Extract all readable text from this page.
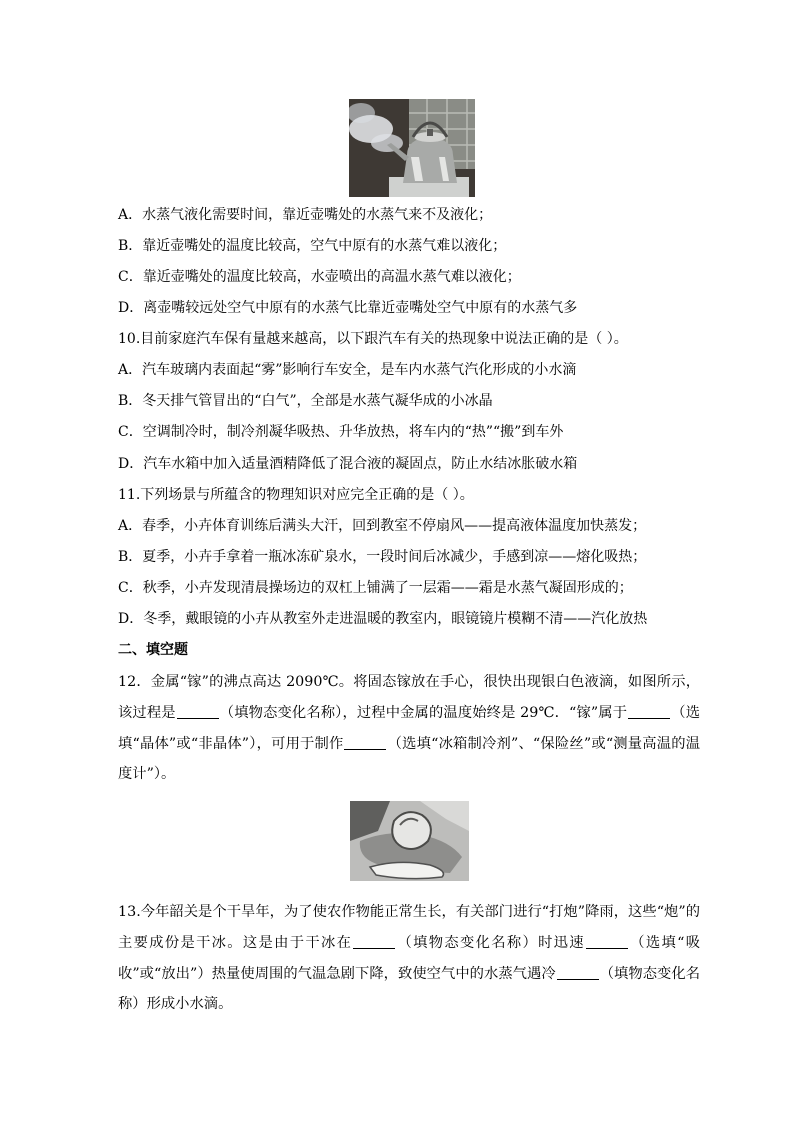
A．水蒸气液化需要时间，靠近壶嘴处的水蒸气来不及液化；
B．靠近壶嘴处的温度比较高，空气中原有的水蒸气难以液化；
C．靠近壶嘴处的温度比较高，水壶喷出的高温水蒸气难以液化；
D．离壶嘴较远处空气中原有的水蒸气比靠近壶嘴处空气中原有的水蒸气多
10.目前家庭汽车保有量越来越高，以下跟汽车有关的热现象中说法正确的是（ ）。
A．汽车玻璃内表面起“雾”影响行车安全，是车内水蒸气汽化形成的小水滴
B．冬天排气管冒出的“白气”，全部是水蒸气凝华成的小冰晶
C．空调制冷时，制冷剂凝华吸热、升华放热，将车内的“热”“搬”到车外
D．汽车水箱中加入适量酒精降低了混合液的凝固点，防止水结冰胀破水箱
11.下列场景与所蕴含的物理知识对应完全正确的是（ ）。
A．春季，小卉体育训练后满头大汗，回到教室不停扇风——提高液体温度加快蒸发；
B．夏季，小卉手拿着一瓶冰冻矿泉水，一段时间后冰减少，手感到凉——熔化吸热；
C．秋季，小卉发现清晨操场边的双杠上铺满了一层霜——霜是水蒸气凝固形成的；
D．冬季，戴眼镜的小卉从教室外走进温暖的教室内，眼镜镜片模糊不清——汽化放热
二、填空题
12．金属“镓”的沸点高达 2090℃。将固态镓放在手心，很快出现银白色液滴，如图所示，该过程是	（填物态变化名称），过程中金属的温度始终是 29℃．“镓”属于	（选填“晶体”或“非晶体”），可用于制作	（选填“冰箱制冷剂”、“保险丝”或“测量高温的温度计”）。
13.今年韶关是个干旱年，为了使农作物能正常生长，有关部门进行“打炮”降雨，这些“炮”的主要成份是干冰。这是由于干冰在	（填物态变化名称）时迅速	（选填“吸收”或“放出”）热量使周围的气温急剧下降，致使空气中的水蒸气遇冷	（填物态变化名称）形成小水滴。
